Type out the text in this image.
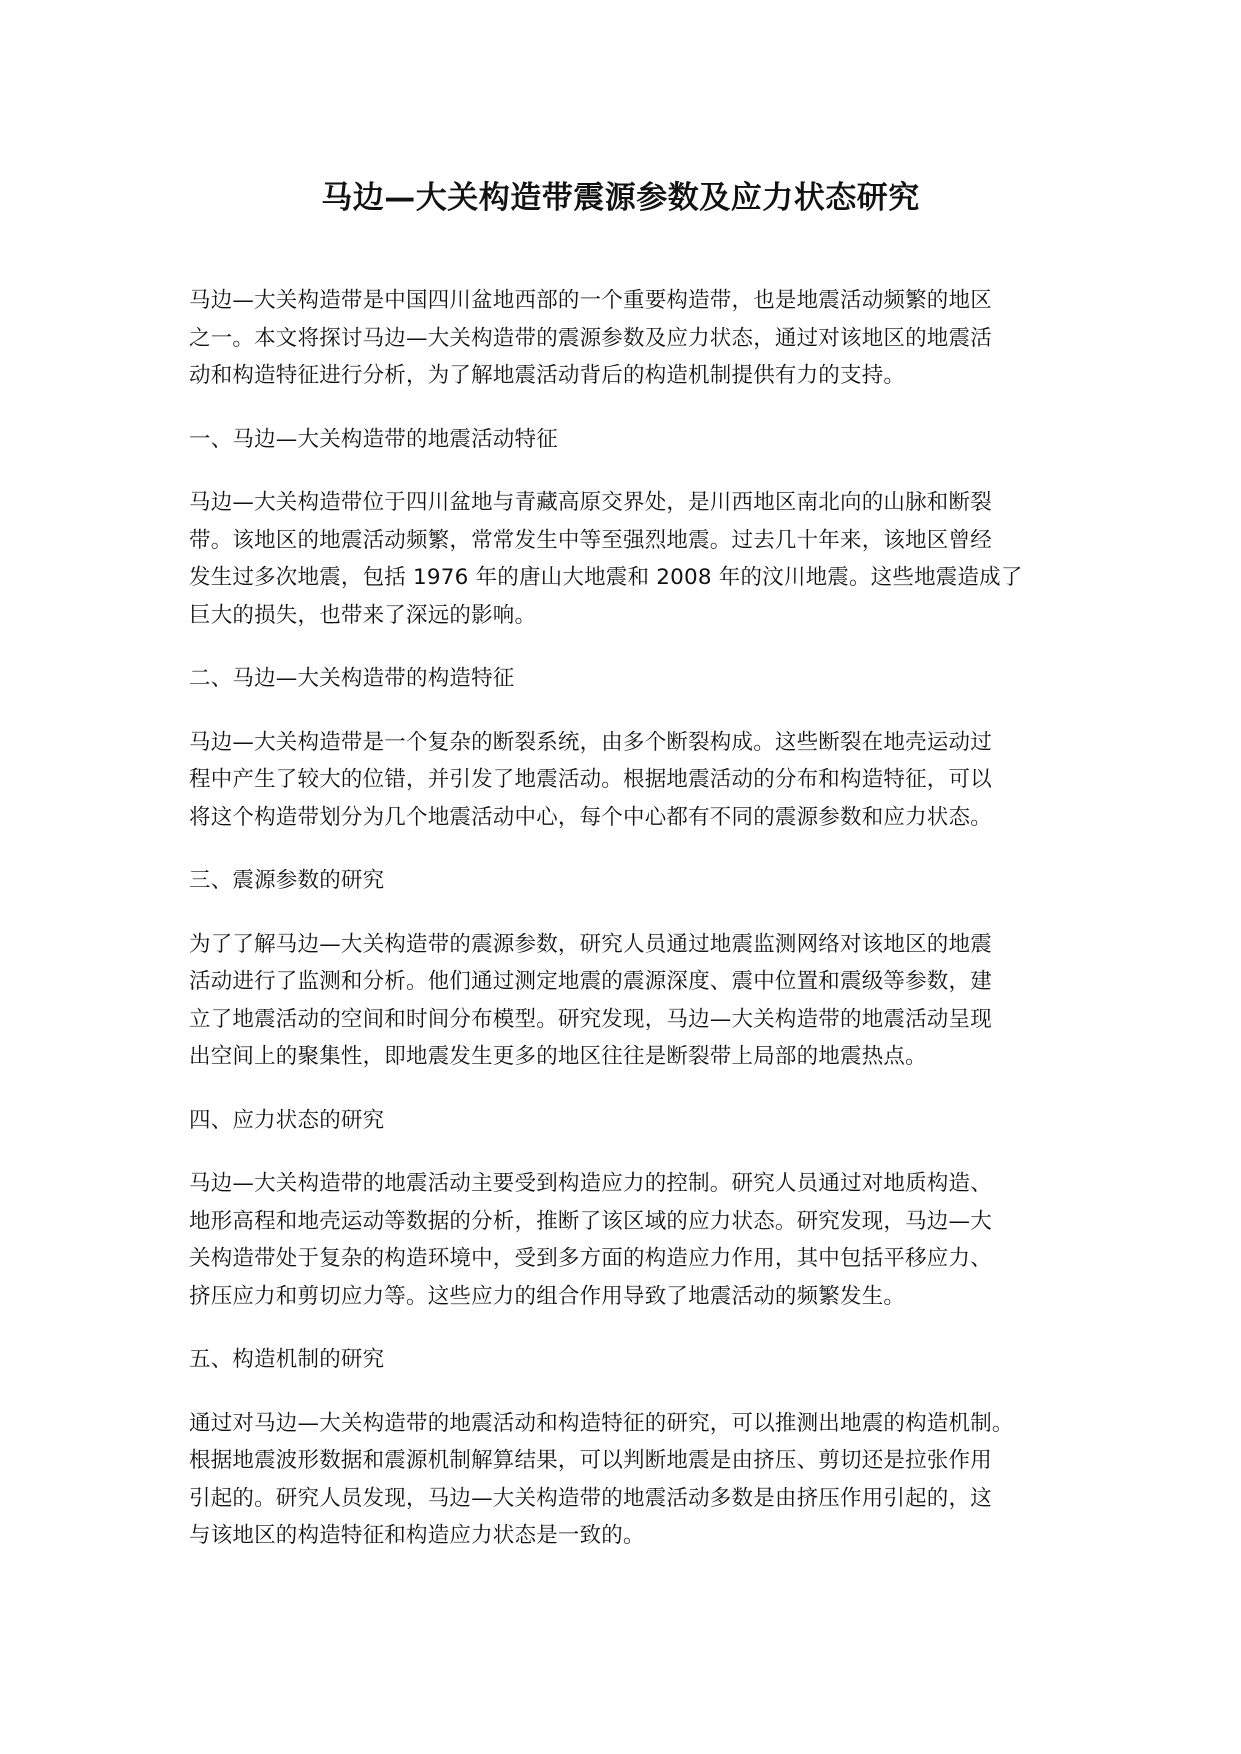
马边—大关构造带震源参数及应力状态研究
马边—大关构造带是中国四川盆地西部的一个重要构造带，也是地震活动频繁的地区
之一。本文将探讨马边—大关构造带的震源参数及应力状态，通过对该地区的地震活
动和构造特征进行分析，为了解地震活动背后的构造机制提供有力的支持。
一、马边—大关构造带的地震活动特征
马边—大关构造带位于四川盆地与青藏高原交界处，是川西地区南北向的山脉和断裂
带。该地区的地震活动频繁，常常发生中等至强烈地震。过去几十年来，该地区曾经
发生过多次地震，包括 1976 年的唐山大地震和 2008 年的汶川地震。这些地震造成了
巨大的损失，也带来了深远的影响。
二、马边—大关构造带的构造特征
马边—大关构造带是一个复杂的断裂系统，由多个断裂构成。这些断裂在地壳运动过
程中产生了较大的位错，并引发了地震活动。根据地震活动的分布和构造特征，可以
将这个构造带划分为几个地震活动中心，每个中心都有不同的震源参数和应力状态。
三、震源参数的研究
为了了解马边—大关构造带的震源参数，研究人员通过地震监测网络对该地区的地震
活动进行了监测和分析。他们通过测定地震的震源深度、震中位置和震级等参数，建
立了地震活动的空间和时间分布模型。研究发现，马边—大关构造带的地震活动呈现
出空间上的聚集性，即地震发生更多的地区往往是断裂带上局部的地震热点。
四、应力状态的研究
马边—大关构造带的地震活动主要受到构造应力的控制。研究人员通过对地质构造、
地形高程和地壳运动等数据的分析，推断了该区域的应力状态。研究发现，马边—大
关构造带处于复杂的构造环境中，受到多方面的构造应力作用，其中包括平移应力、
挤压应力和剪切应力等。这些应力的组合作用导致了地震活动的频繁发生。
五、构造机制的研究
通过对马边—大关构造带的地震活动和构造特征的研究，可以推测出地震的构造机制。
根据地震波形数据和震源机制解算结果，可以判断地震是由挤压、剪切还是拉张作用
引起的。研究人员发现，马边—大关构造带的地震活动多数是由挤压作用引起的，这
与该地区的构造特征和构造应力状态是一致的。
